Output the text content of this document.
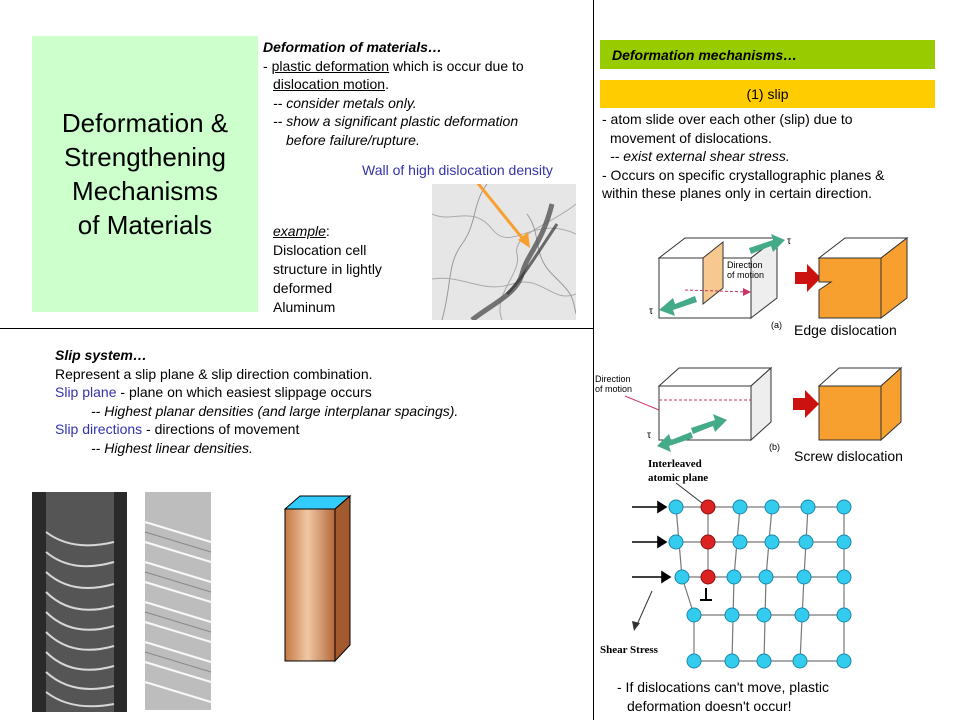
Deformation &
Strengthening
Mechanisms
of Materials
Deformation of materials…
- plastic deformation which is occur due to
dislocation motion.
-- consider metals only.
-- show a significant plastic deformation
before failure/rupture.
Wall of high dislocation density
example:
Dislocation cell
structure in lightly
deformed
Aluminum
Deformation mechanisms…
(1) slip
- atom slide over each other (slip) due to
movement of dislocations.
-- exist external shear stress.
- Occurs on specific crystallographic planes &
within these planes only in certain direction.
Direction
of motion
τ
τ
(a) Edge dislocation
Direction
of motion
τ
(b)
Screw dislocation
Interleaved
atomic plane
Shear Stress
- If dislocations can't move, plastic
deformation doesn't occur!
Slip system…
Represent a slip plane & slip direction combination.
Slip plane - plane on which easiest slippage occurs
-- Highest planar densities (and large interplanar spacings).
Slip directions - directions of movement
-- Highest linear densities.
